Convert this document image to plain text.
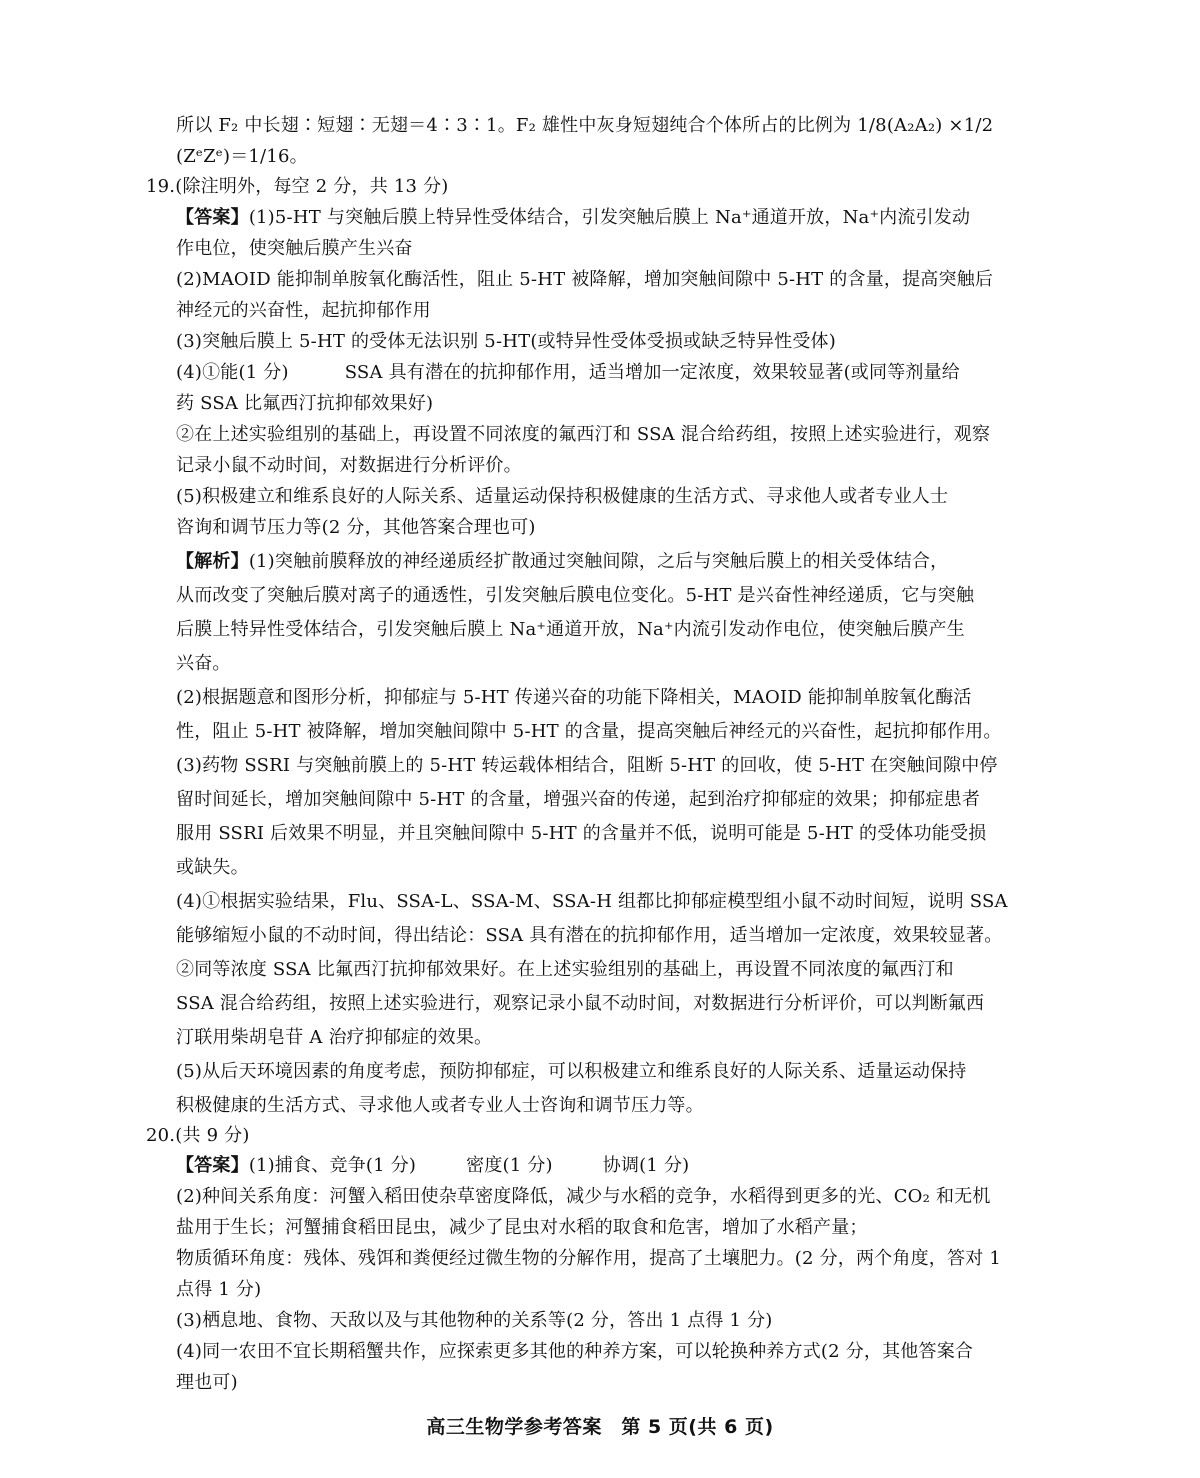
所以 F₂ 中长翅∶短翅∶无翅＝4∶3∶1。F₂ 雄性中灰身短翅纯合个体所占的比例为 1/8(A₂A₂) ×1/2
(ZᵉZᵉ)＝1/16。
19.(除注明外，每空 2 分，共 13 分)
【答案】(1)5-HT 与突触后膜上特异性受体结合，引发突触后膜上 Na⁺通道开放，Na⁺内流引发动
作电位，使突触后膜产生兴奋
(2)MAOID 能抑制单胺氧化酶活性，阻止 5-HT 被降解，增加突触间隙中 5-HT 的含量，提高突触后
神经元的兴奋性，起抗抑郁作用
(3)突触后膜上 5-HT 的受体无法识别 5-HT(或特异性受体受损或缺乏特异性受体)
(4)①能(1 分)	SSA 具有潜在的抗抑郁作用，适当增加一定浓度，效果较显著(或同等剂量给
药 SSA 比氟西汀抗抑郁效果好)
②在上述实验组别的基础上，再设置不同浓度的氟西汀和 SSA 混合给药组，按照上述实验进行，观察
记录小鼠不动时间，对数据进行分析评价。
(5)积极建立和维系良好的人际关系、适量运动保持积极健康的生活方式、寻求他人或者专业人士
咨询和调节压力等(2 分，其他答案合理也可)
【解析】(1)突触前膜释放的神经递质经扩散通过突触间隙，之后与突触后膜上的相关受体结合，
从而改变了突触后膜对离子的通透性，引发突触后膜电位变化。5-HT 是兴奋性神经递质，它与突触
后膜上特异性受体结合，引发突触后膜上 Na⁺通道开放，Na⁺内流引发动作电位，使突触后膜产生
兴奋。
(2)根据题意和图形分析，抑郁症与 5-HT 传递兴奋的功能下降相关，MAOID 能抑制单胺氧化酶活
性，阻止 5-HT 被降解，增加突触间隙中 5-HT 的含量，提高突触后神经元的兴奋性，起抗抑郁作用。
(3)药物 SSRI 与突触前膜上的 5-HT 转运载体相结合，阻断 5-HT 的回收，使 5-HT 在突触间隙中停
留时间延长，增加突触间隙中 5-HT 的含量，增强兴奋的传递，起到治疗抑郁症的效果；抑郁症患者
服用 SSRI 后效果不明显，并且突触间隙中 5-HT 的含量并不低，说明可能是 5-HT 的受体功能受损
或缺失。
(4)①根据实验结果，Flu、SSA-L、SSA-M、SSA-H 组都比抑郁症模型组小鼠不动时间短，说明 SSA
能够缩短小鼠的不动时间，得出结论：SSA 具有潜在的抗抑郁作用，适当增加一定浓度，效果较显著。
②同等浓度 SSA 比氟西汀抗抑郁效果好。在上述实验组别的基础上，再设置不同浓度的氟西汀和
SSA 混合给药组，按照上述实验进行，观察记录小鼠不动时间，对数据进行分析评价，可以判断氟西
汀联用柴胡皂苷 A 治疗抑郁症的效果。
(5)从后天环境因素的角度考虑，预防抑郁症，可以积极建立和维系良好的人际关系、适量运动保持
积极健康的生活方式、寻求他人或者专业人士咨询和调节压力等。
20.(共 9 分)
【答案】(1)捕食、竞争(1 分)	密度(1 分)	协调(1 分)
(2)种间关系角度：河蟹入稻田使杂草密度降低，减少与水稻的竞争，水稻得到更多的光、CO₂ 和无机
盐用于生长；河蟹捕食稻田昆虫，减少了昆虫对水稻的取食和危害，增加了水稻产量；
物质循环角度：残体、残饵和粪便经过微生物的分解作用，提高了土壤肥力。(2 分，两个角度，答对 1
点得 1 分)
(3)栖息地、食物、天敌以及与其他物种的关系等(2 分，答出 1 点得 1 分)
(4)同一农田不宜长期稻蟹共作，应探索更多其他的种养方案，可以轮换种养方式(2 分，其他答案合
理也可)
高三生物学参考答案　第 5 页(共 6 页)
